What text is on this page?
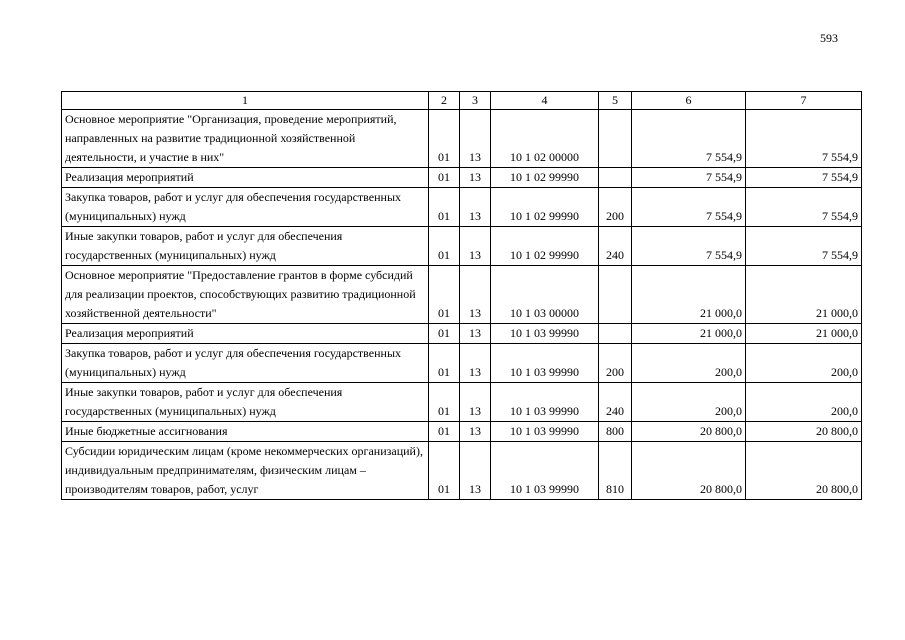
593
1	2	3	4	5	6	7
Основное мероприятие "Организация, проведение мероприятий, направленных на развитие традиционной хозяйственной деятельности, и участие в них"	01	13	10 1 02 00000		7 554,9	7 554,9
Реализация мероприятий	01	13	10 1 02 99990		7 554,9	7 554,9
Закупка товаров, работ и услуг для обеспечения государственных (муниципальных) нужд	01	13	10 1 02 99990	200	7 554,9	7 554,9
Иные закупки товаров, работ и услуг для обеспечения государственных (муниципальных) нужд	01	13	10 1 02 99990	240	7 554,9	7 554,9
Основное мероприятие "Предоставление грантов в форме субсидий для реализации проектов, способствующих развитию традиционной хозяйственной деятельности"	01	13	10 1 03 00000		21 000,0	21 000,0
Реализация мероприятий	01	13	10 1 03 99990		21 000,0	21 000,0
Закупка товаров, работ и услуг для обеспечения государственных (муниципальных) нужд	01	13	10 1 03 99990	200	200,0	200,0
Иные закупки товаров, работ и услуг для обеспечения государственных (муниципальных) нужд	01	13	10 1 03 99990	240	200,0	200,0
Иные бюджетные ассигнования	01	13	10 1 03 99990	800	20 800,0	20 800,0
Субсидии юридическим лицам (кроме некоммерческих организаций), индивидуальным предпринимателям, физическим лицам – производителям товаров, работ, услуг	01	13	10 1 03 99990	810	20 800,0	20 800,0
